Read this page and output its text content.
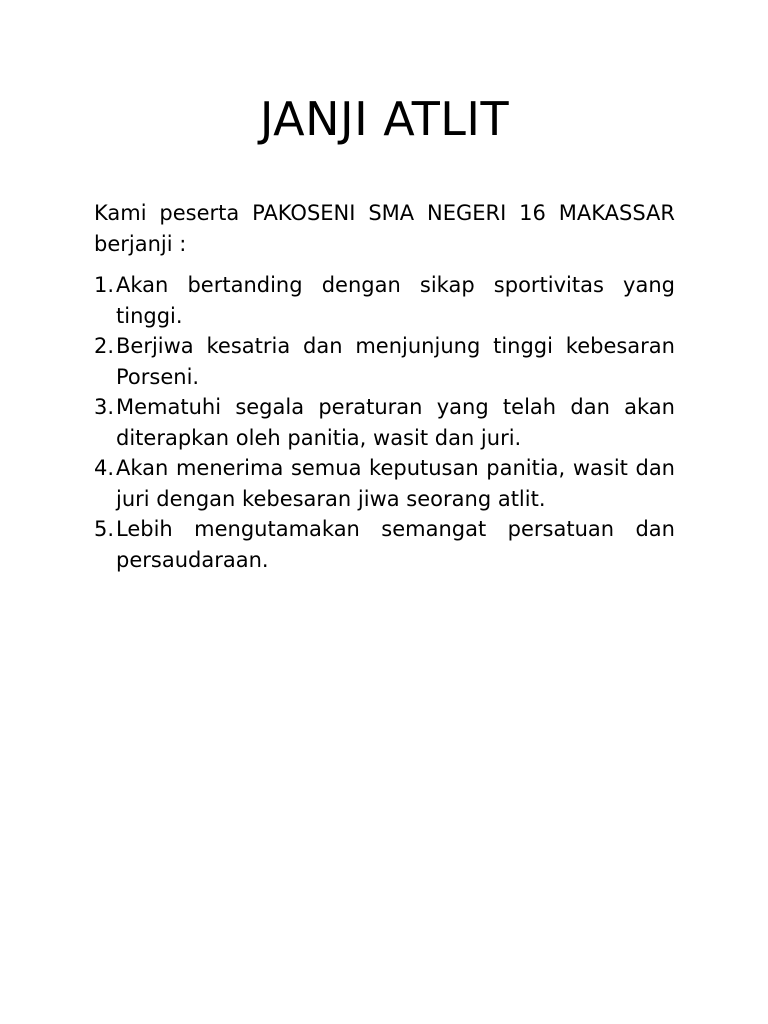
JANJI ATLIT

Kami peserta PAKOSENI SMA NEGERI 16 MAKASSAR berjanji :

1. Akan bertanding dengan sikap sportivitas yang tinggi.
2. Berjiwa kesatria dan menjunjung tinggi kebesaran Porseni.
3. Mematuhi segala peraturan yang telah dan akan diterapkan oleh panitia, wasit dan juri.
4. Akan menerima semua keputusan panitia, wasit dan juri dengan kebesaran jiwa seorang atlit.
5. Lebih mengutamakan semangat persatuan dan persaudaraan.
